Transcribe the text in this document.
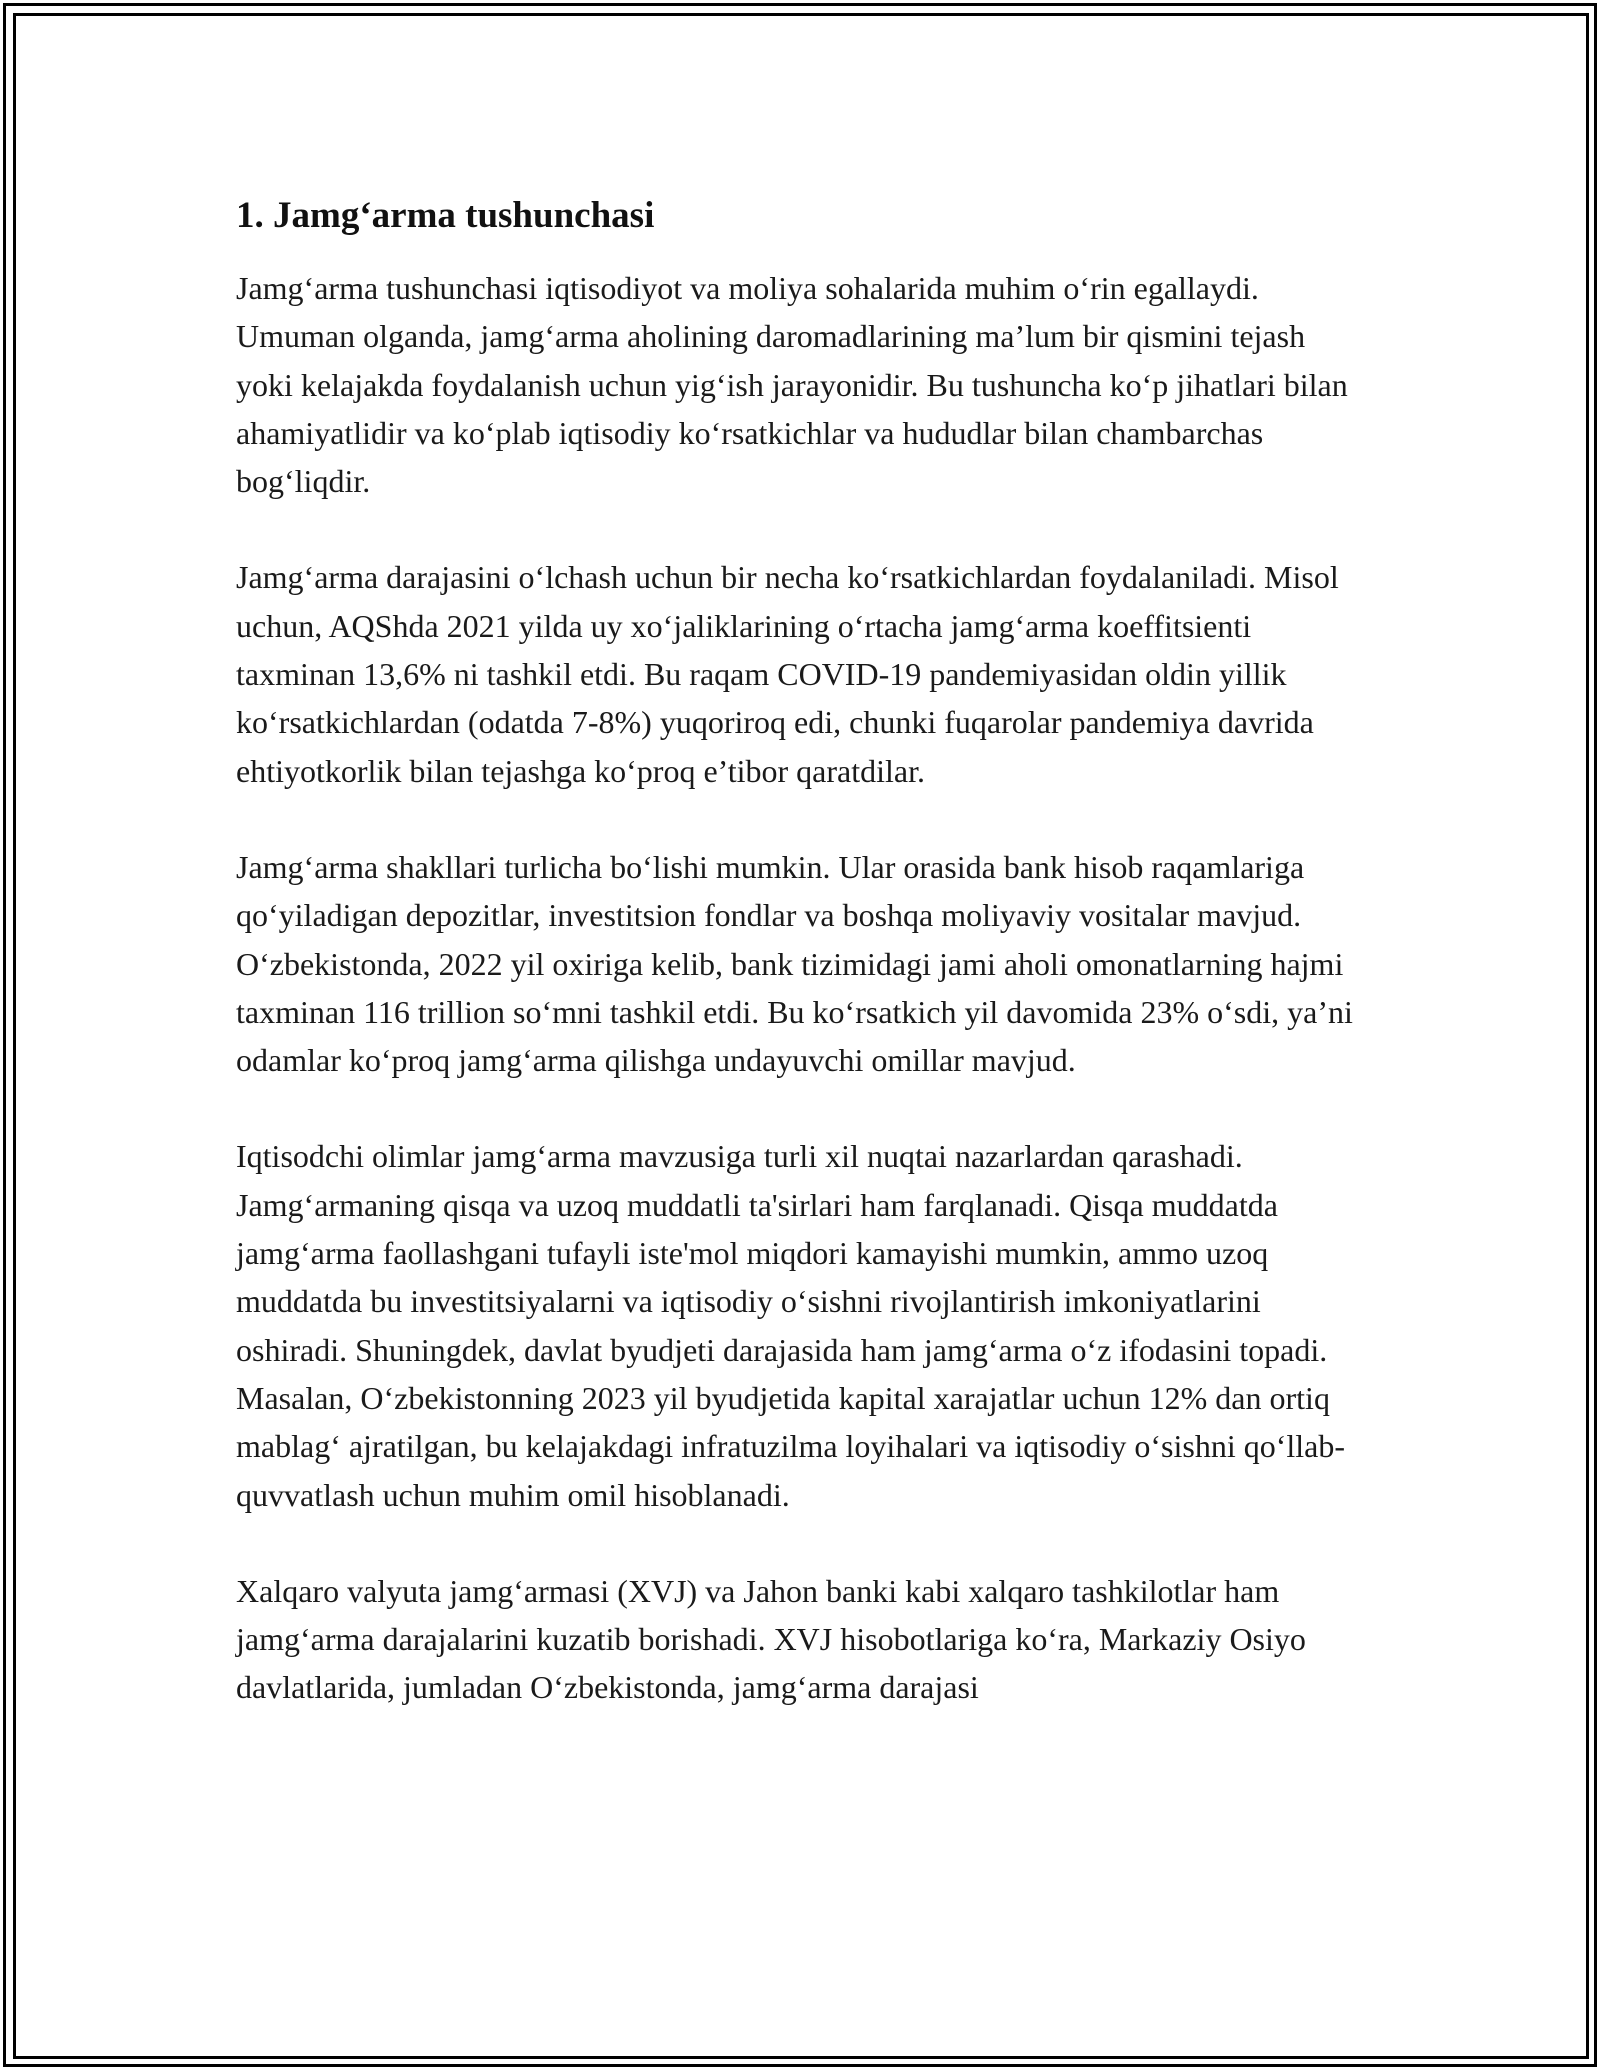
1. Jamg‘arma tushunchasi

Jamg‘arma tushunchasi iqtisodiyot va moliya sohalarida muhim o‘rin egallaydi. Umuman olganda, jamg‘arma aholining daromadlarining ma’lum bir qismini tejash yoki kelajakda foydalanish uchun yig‘ish jarayonidir. Bu tushuncha ko‘p jihatlari bilan ahamiyatlidir va ko‘plab iqtisodiy ko‘rsatkichlar va hududlar bilan chambarchas bog‘liqdir.

Jamg‘arma darajasini o‘lchash uchun bir necha ko‘rsatkichlardan foydalaniladi. Misol uchun, AQShda 2021 yilda uy xo‘jaliklarining o‘rtacha jamg‘arma koeffitsienti taxminan 13,6% ni tashkil etdi. Bu raqam COVID-19 pandemiyasidan oldin yillik ko‘rsatkichlardan (odatda 7-8%) yuqoriroq edi, chunki fuqarolar pandemiya davrida ehtiyotkorlik bilan tejashga ko‘proq e’tibor qaratdilar.

Jamg‘arma shakllari turlicha bo‘lishi mumkin. Ular orasida bank hisob raqamlariga qo‘yiladigan depozitlar, investitsion fondlar va boshqa moliyaviy vositalar mavjud. O‘zbekistonda, 2022 yil oxiriga kelib, bank tizimidagi jami aholi omonatlarning hajmi taxminan 116 trillion so‘mni tashkil etdi. Bu ko‘rsatkich yil davomida 23% o‘sdi, ya’ni odamlar ko‘proq jamg‘arma qilishga undayuvchi omillar mavjud.

Iqtisodchi olimlar jamg‘arma mavzusiga turli xil nuqtai nazarlardan qarashadi. Jamg‘armaning qisqa va uzoq muddatli ta'sirlari ham farqlanadi. Qisqa muddatda jamg‘arma faollashgani tufayli iste'mol miqdori kamayishi mumkin, ammo uzoq muddatda bu investitsiyalarni va iqtisodiy o‘sishni rivojlantirish imkoniyatlarini oshiradi. Shuningdek, davlat byudjeti darajasida ham jamg‘arma o‘z ifodasini topadi. Masalan, O‘zbekistonning 2023 yil byudjetida kapital xarajatlar uchun 12% dan ortiq mablag‘ ajratilgan, bu kelajakdagi infratuzilma loyihalari va iqtisodiy o‘sishni qo‘llab-quvvatlash uchun muhim omil hisoblanadi.

Xalqaro valyuta jamg‘armasi (XVJ) va Jahon banki kabi xalqaro tashkilotlar ham jamg‘arma darajalarini kuzatib borishadi. XVJ hisobotlariga ko‘ra, Markaziy Osiyo davlatlarida, jumladan O‘zbekistonda, jamg‘arma darajasi
